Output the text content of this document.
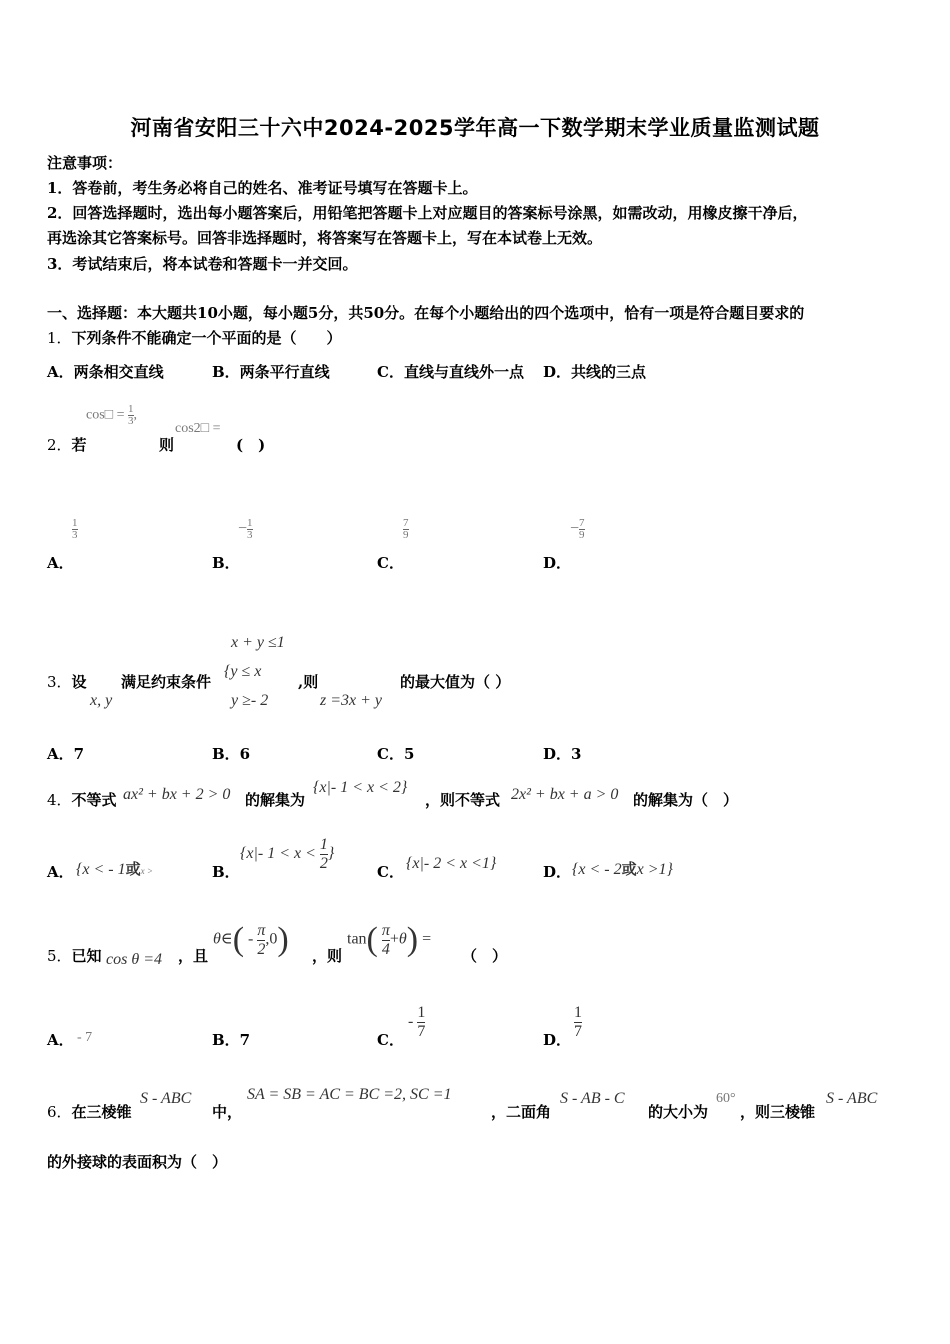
河南省安阳三十六中2024-2025学年高一下数学期末学业质量监测试题
注意事项：
1．答卷前，考生务必将自己的姓名、准考证号填写在答题卡上。
2．回答选择题时，选出每小题答案后，用铅笔把答题卡上对应题目的答案标号涂黑，如需改动，用橡皮擦干净后，
再选涂其它答案标号。回答非选择题时，将答案写在答题卡上，写在本试卷上无效。
3．考试结束后，将本试卷和答题卡一并交回。
一、选择题：本大题共10小题，每小题5分，共50分。在每个小题给出的四个选项中，恰有一项是符合题目要求的
1．下列条件不能确定一个平面的是（　　）
A．两条相交直线	B．两条平行直线	C．直线与直线外一点 D．共线的三点
cos□ = $\frac{1}{3}$ ,
cos2□ =
2．若	则	(　)
$\frac{1}{3}$	$-\frac{1}{3}$	$\frac{7}{9}$	$-\frac{7}{9}$
A．	B．	C．	D．
x + y ≤1
{y ≤ x
y ≥- 2
x, y	z =3x + y
3．设 满足约束条件	,则	的最大值为（ ）
A．7	B．6	C．5	D．3
4．不等式 ax² + bx + 2 > 0 的解集为
{x|- 1 < x < 2}
，则不等式 2x² + bx + a > 0 的解集为（　）
A． {x < - 1或x >	B．
{x|- $1 < x < \frac{1}{2}$ }
C． {x|- 2 < x <1}	D． {x < - 2或x >1}
5．已知 cos θ =4 ，且
θ∈( - $\frac{\pi}{2} ,0$) ，则
$\tan( \frac{\pi}{4} +\theta)$ =
（　）
A． - 7	B．7	C．
- $\frac{1}{7}$	D． $\frac{1}{7}$
6．在三棱锥
S - ABC
中，
SA = SB = AC = BC =2, SC =1
，二面角
S - AB - C
的大小为
60°
，则三棱锥
S - ABC
的外接球的表面积为（　）
